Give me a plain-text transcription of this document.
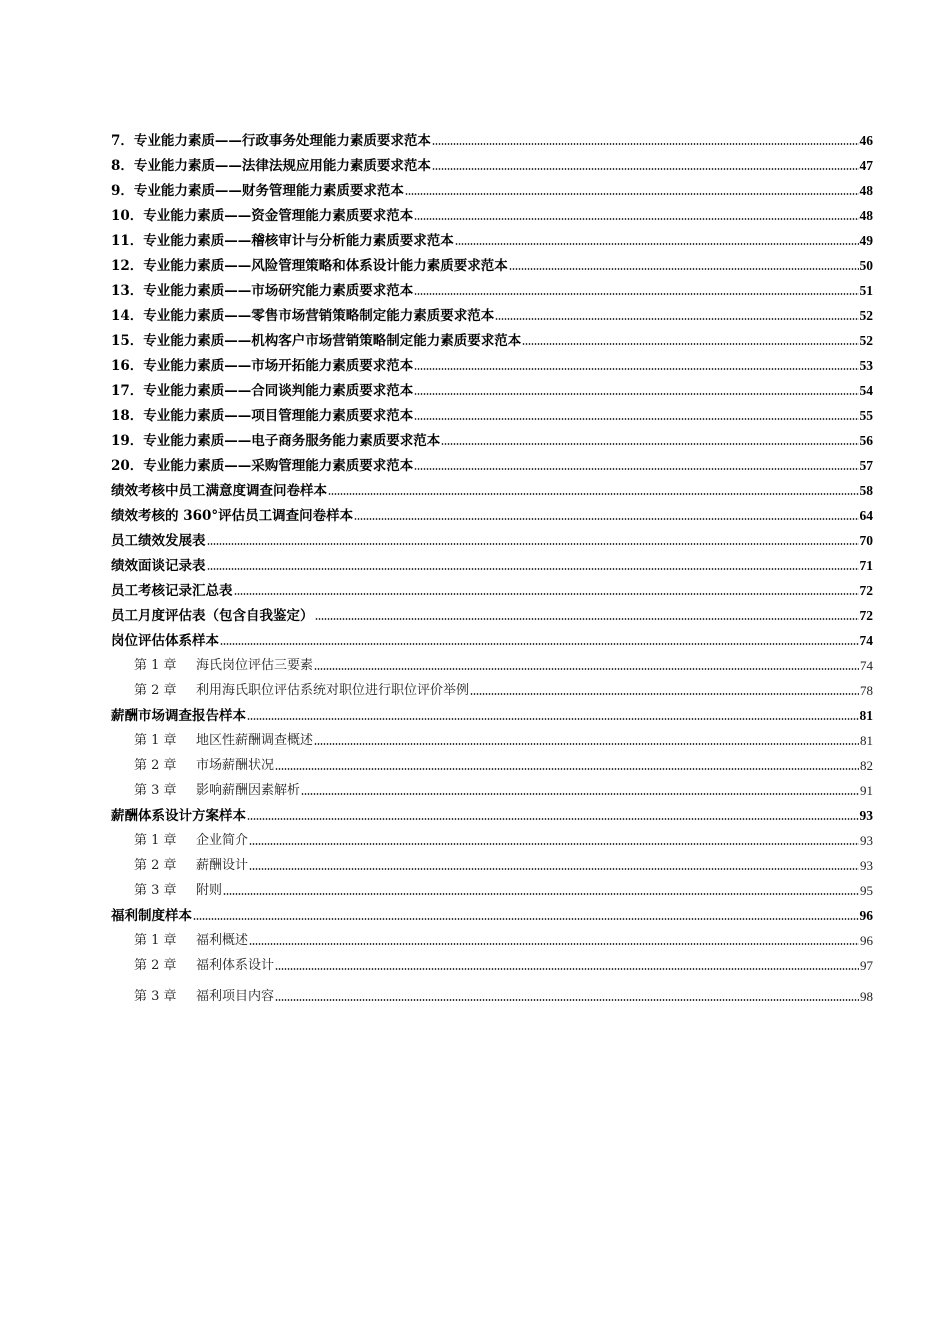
7．专业能力素质——行政事务处理能力素质要求范本	46
8．专业能力素质——法律法规应用能力素质要求范本	47
9．专业能力素质——财务管理能力素质要求范本	48
10．专业能力素质——资金管理能力素质要求范本	48
11．专业能力素质——稽核审计与分析能力素质要求范本	49
12．专业能力素质——风险管理策略和体系设计能力素质要求范本	50
13．专业能力素质——市场研究能力素质要求范本	51
14．专业能力素质——零售市场营销策略制定能力素质要求范本	52
15．专业能力素质——机构客户市场营销策略制定能力素质要求范本	52
16．专业能力素质——市场开拓能力素质要求范本	53
17．专业能力素质——合同谈判能力素质要求范本	54
18．专业能力素质——项目管理能力素质要求范本	55
19．专业能力素质——电子商务服务能力素质要求范本	56
20．专业能力素质——采购管理能力素质要求范本	57
绩效考核中员工满意度调查问卷样本	58
绩效考核的 360°评估员工调查问卷样本	64
员工绩效发展表	70
绩效面谈记录表	71
员工考核记录汇总表	72
员工月度评估表（包含自我鉴定）	72
岗位评估体系样本	74
第 1 章 海氏岗位评估三要素	74
第 2 章 利用海氏职位评估系统对职位进行职位评价举例	78
薪酬市场调查报告样本	81
第 1 章 地区性薪酬调查概述	81
第 2 章 市场薪酬状况	82
第 3 章 影响薪酬因素解析	91
薪酬体系设计方案样本	93
第 1 章 企业简介	93
第 2 章 薪酬设计	93
第 3 章 附则	95
福利制度样本	96
第 1 章 福利概述	96
第 2 章 福利体系设计	97
第 3 章 福利项目内容	98
